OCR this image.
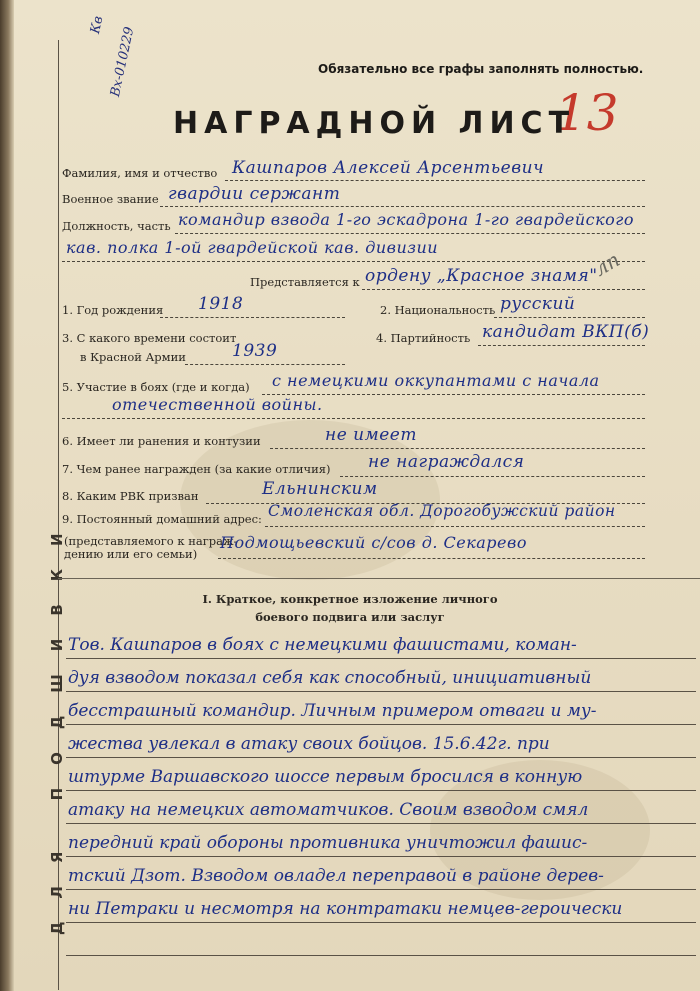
ДЛЯ ПОДШИВКИ
Кв
Вх-010229
13
Обязательно все графы заполнять полностью.
НАГРАДНОЙ ЛИСТ
Фамилия, имя и отчество Кашпаров Алексей Арсентьевич
Военное звание гвардии сержант
Должность, часть командир взвода 1-го эскадрона 1-го гвардейского
кав. полка 1-ой гвардейской кав. дивизии
Представляется к ордену „Красное знамя"
лп
1. Год рождения 1918	2. Национальность русский
3. С какого времени состоит
в Красной Армии	1939
4. Партийность кандидат ВКП(б)
5. Участие в боях (где и когда) с немецкими оккупантами с начала
отечественной войны.
6. Имеет ли ранения и контузии	не имеет
7. Чем ранее награжден (за какие отличия) не награждался
8. Каким РВК призван	Ельнинским
9. Постоянный домашний адрес: Смоленская обл. Дорогобужский район
(представляемого к награж-
дению или его семьи)
Подмощьевский с/сов д. Секарево
I. Краткое, конкретное изложение личного
боевого подвига или заслуг
Тов. Кашпаров в боях с немецкими фашистами, коман-
дуя взводом показал себя как способный, инициативный
бесстрашный командир. Личным примером отваги и му-
жества увлекал в атаку своих бойцов. 15.6.42г. при
штурме Варшавского шоссе первым бросился в конную
атаку на немецких автоматчиков. Своим взводом смял
передний край обороны противника уничтожил фашис-
тский Дзот. Взводом овладел переправой в районе дерев-
ни Петраки и несмотря на контратаки немцев-героически
